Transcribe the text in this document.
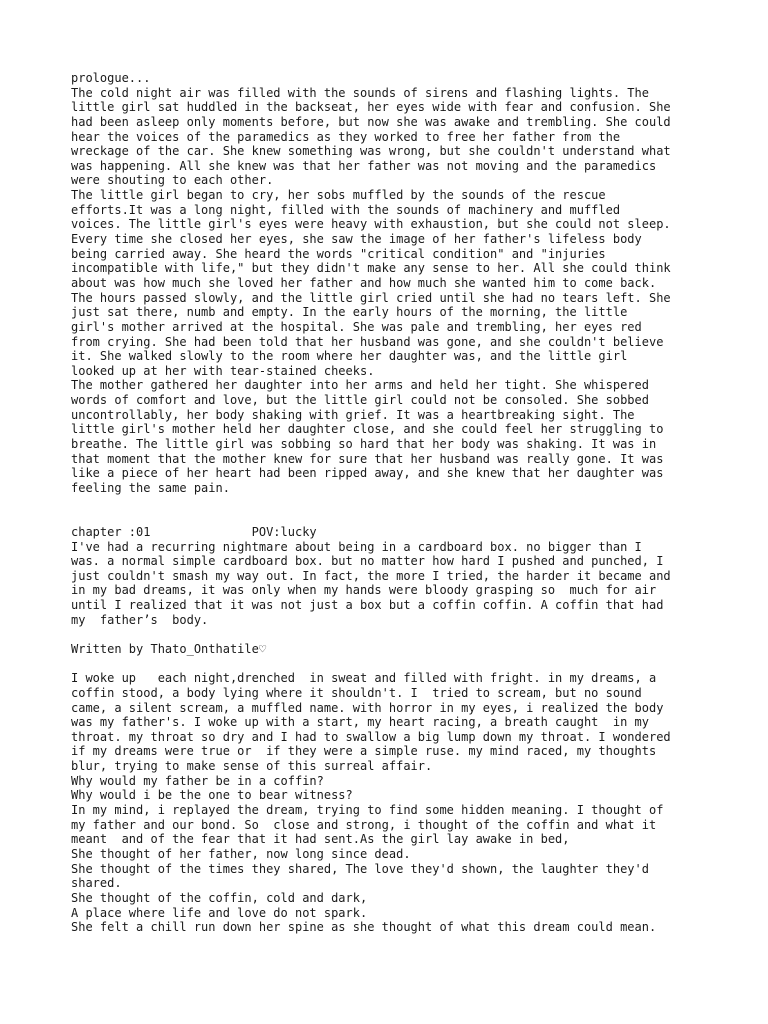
prologue...
The cold night air was filled with the sounds of sirens and flashing lights. The
little girl sat huddled in the backseat, her eyes wide with fear and confusion. She
had been asleep only moments before, but now she was awake and trembling. She could
hear the voices of the paramedics as they worked to free her father from the
wreckage of the car. She knew something was wrong, but she couldn't understand what
was happening. All she knew was that her father was not moving and the paramedics
were shouting to each other.
The little girl began to cry, her sobs muffled by the sounds of the rescue
efforts.It was a long night, filled with the sounds of machinery and muffled
voices. The little girl's eyes were heavy with exhaustion, but she could not sleep.
Every time she closed her eyes, she saw the image of her father's lifeless body
being carried away. She heard the words "critical condition" and "injuries
incompatible with life," but they didn't make any sense to her. All she could think
about was how much she loved her father and how much she wanted him to come back.
The hours passed slowly, and the little girl cried until she had no tears left. She
just sat there, numb and empty. In the early hours of the morning, the little
girl's mother arrived at the hospital. She was pale and trembling, her eyes red
from crying. She had been told that her husband was gone, and she couldn't believe
it. She walked slowly to the room where her daughter was, and the little girl
looked up at her with tear-stained cheeks.
The mother gathered her daughter into her arms and held her tight. She whispered
words of comfort and love, but the little girl could not be consoled. She sobbed
uncontrollably, her body shaking with grief. It was a heartbreaking sight. The
little girl's mother held her daughter close, and she could feel her struggling to
breathe. The little girl was sobbing so hard that her body was shaking. It was in
that moment that the mother knew for sure that her husband was really gone. It was
like a piece of her heart had been ripped away, and she knew that her daughter was
feeling the same pain.
chapter :01              POV:lucky
I've had a recurring nightmare about being in a cardboard box. no bigger than I
was. a normal simple cardboard box. but no matter how hard I pushed and punched, I
just couldn't smash my way out. In fact, the more I tried, the harder it became and
in my bad dreams, it was only when my hands were bloody grasping so  much for air
until I realized that it was not just a box but a coffin coffin. A coffin that had
my  father’s  body.
Written by Thato_Onthatile♡
I woke up   each night,drenched  in sweat and filled with fright. in my dreams, a
coffin stood, a body lying where it shouldn't. I  tried to scream, but no sound
came, a silent scream, a muffled name. with horror in my eyes, i realized the body
was my father's. I woke up with a start, my heart racing, a breath caught  in my
throat. my throat so dry and I had to swallow a big lump down my throat. I wondered
if my dreams were true or  if they were a simple ruse. my mind raced, my thoughts
blur, trying to make sense of this surreal affair.
Why would my father be in a coffin?
Why would i be the one to bear witness?
In my mind, i replayed the dream, trying to find some hidden meaning. I thought of
my father and our bond. So  close and strong, i thought of the coffin and what it
meant  and of the fear that it had sent.As the girl lay awake in bed,
She thought of her father, now long since dead.
She thought of the times they shared, The love they'd shown, the laughter they'd
shared.
She thought of the coffin, cold and dark,
A place where life and love do not spark.
She felt a chill run down her spine as she thought of what this dream could mean.
